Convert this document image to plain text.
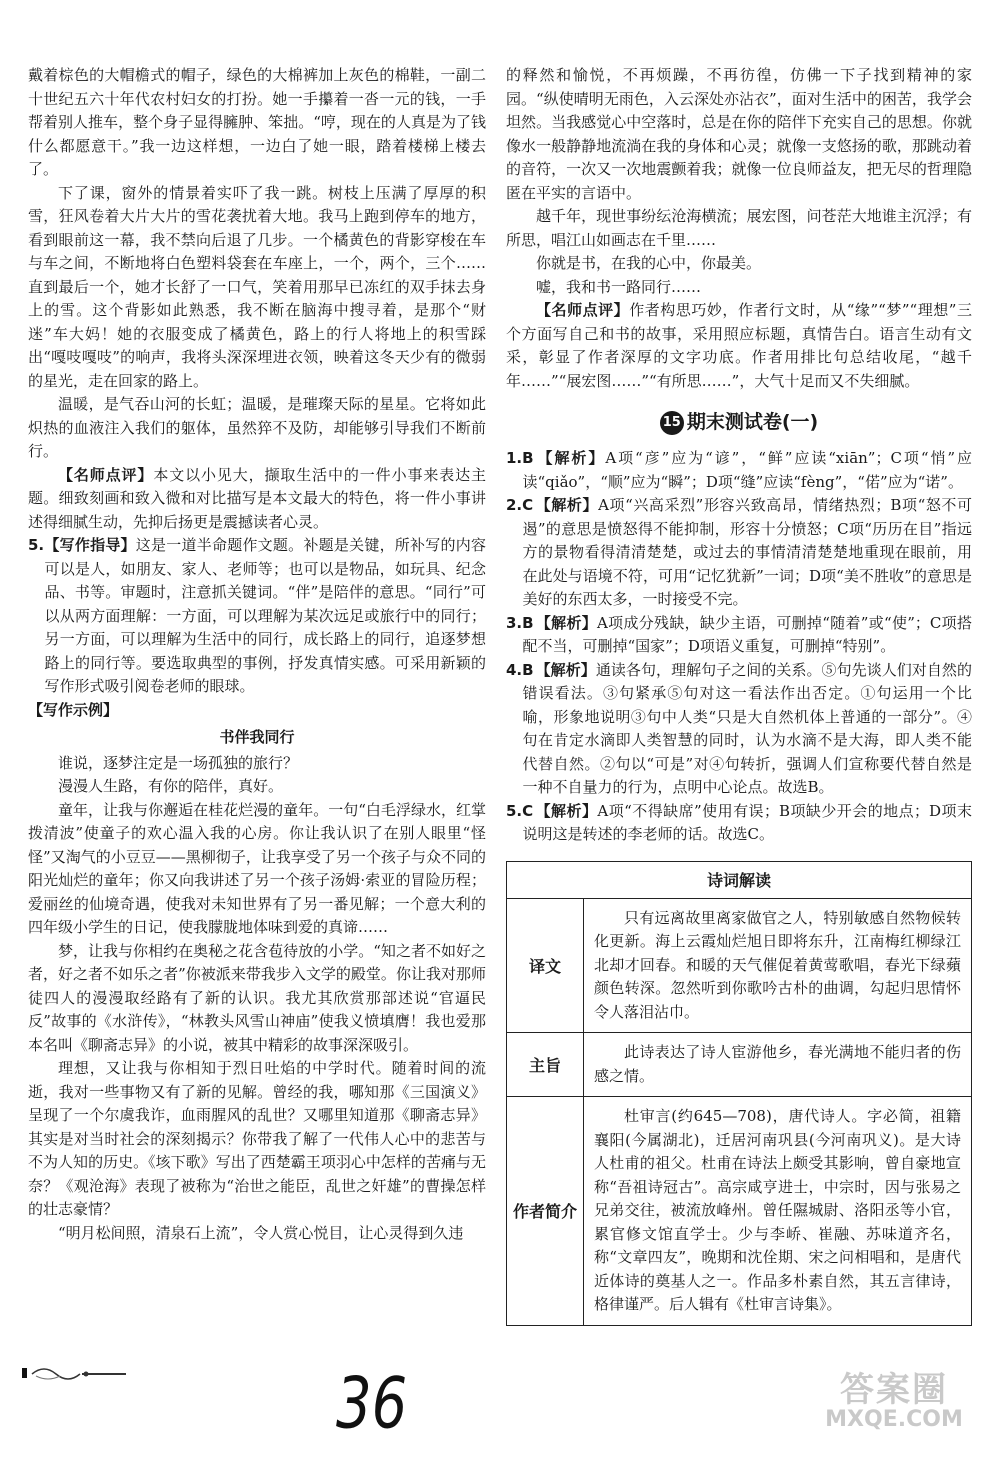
戴着棕色的大帽檐式的帽子，绿色的大棉裤加上灰色的棉鞋，一副二十世纪五六十年代农村妇女的打扮。她一手攥着一沓一元的钱，一手帮着别人推车，整个身子显得臃肿、笨拙。“哼，现在的人真是为了钱什么都愿意干。”我一边这样想，一边白了她一眼，踏着楼梯上楼去了。

下了课，窗外的情景着实吓了我一跳。树枝上压满了厚厚的积雪，狂风卷着大片大片的雪花袭扰着大地。我马上跑到停车的地方，看到眼前这一幕，我不禁向后退了几步。一个橘黄色的背影穿梭在车与车之间，不断地将白色塑料袋套在车座上，一个，两个，三个……直到最后一个，她才长舒了一口气，笑着用那早已冻红的双手抹去身上的雪。这个背影如此熟悉，我不断在脑海中搜寻着，是那个“财迷”车大妈！她的衣服变成了橘黄色，路上的行人将地上的积雪踩出“嘎吱嘎吱”的响声，我将头深深埋进衣领，映着这冬天少有的微弱的星光，走在回家的路上。

温暖，是气吞山河的长虹；温暖，是璀璨天际的星星。它将如此炽热的血液注入我们的躯体，虽然猝不及防，却能够引导我们不断前行。

【名师点评】本文以小见大，撷取生活中的一件小事来表达主题。细致刻画和致入微和对比描写是本文最大的特色，将一件小事讲述得细腻生动，先抑后扬更是震撼读者心灵。

5.【写作指导】这是一道半命题作文题。补题是关键，所补写的内容可以是人，如朋友、家人、老师等；也可以是物品，如玩具、纪念品、书等。审题时，注意抓关键词。“伴”是陪伴的意思。“同行”可以从两方面理解：一方面，可以理解为某次远足或旅行中的同行；另一方面，可以理解为生活中的同行，成长路上的同行，追逐梦想路上的同行等。要选取典型的事例，抒发真情实感。可采用新颖的写作形式吸引阅卷老师的眼球。

【写作示例】

书伴我同行

谁说，逐梦注定是一场孤独的旅行？

漫漫人生路，有你的陪伴，真好。

童年，让我与你邂逅在桂花烂漫的童年。一句“白毛浮绿水，红掌拨清波”使童子的欢心温入我的心房。你让我认识了在别人眼里“怪怪”又淘气的小豆豆——黑柳彻子，让我享受了另一个孩子与众不同的阳光灿烂的童年；你又向我讲述了另一个孩子汤姆·索亚的冒险历程；爱丽丝的仙境奇遇，使我对未知世界有了另一番见解；一个意大利的四年级小学生的日记，使我朦胧地体味到爱的真谛……

梦，让我与你相约在奥秘之花含苞待放的小学。“知之者不如好之者，好之者不如乐之者”你被派来带我步入文学的殿堂。你让我对那师徒四人的漫漫取经路有了新的认识。我尤其欣赏那部述说“官逼民反”故事的《水浒传》，“林教头风雪山神庙”使我义愤填膺！我也爱那本名叫《聊斋志异》的小说，被其中精彩的故事深深吸引。

理想，又让我与你相知于烈日吐焰的中学时代。随着时间的流逝，我对一些事物又有了新的见解。曾经的我，哪知那《三国演义》呈现了一个尔虞我诈，血雨腥风的乱世？又哪里知道那《聊斋志异》其实是对当时社会的深刻揭示？你带我了解了一代伟人心中的悲苦与不为人知的历史。《垓下歌》写出了西楚霸王项羽心中怎样的苦痛与无奈？《观沧海》表现了被称为“治世之能臣，乱世之奸雄”的曹操怎样的壮志豪情？

“明月松间照，清泉石上流”，令人赏心悦目，让心灵得到久违

的释然和愉悦，不再烦躁，不再彷徨，仿佛一下子找到精神的家园。“纵使晴明无雨色，入云深处亦沾衣”，面对生活中的困苦，我学会坦然。当我感觉心中空落时，总是在你的陪伴下充实自己的思想。你就像水一般静静地流淌在我的身体和心灵；就像一支悠扬的歌，那跳动着的音符，一次又一次地震颤着我；就像一位良师益友，把无尽的哲理隐匿在平实的言语中。

越千年，现世事纷纭沧海横流；展宏图，问苍茫大地谁主沉浮；有所思，唱江山如画志在千里……

你就是书，在我的心中，你最美。

嘘，我和书一路同行……

【名师点评】作者构思巧妙，作者行文时，从“缘”“梦”“理想”三个方面写自己和书的故事，采用照应标题，真情告白。语言生动有文采，彰显了作者深厚的文字功底。作者用排比句总结收尾，“越千年……”“展宏图……”“有所思……”，大气十足而又不失细腻。

15 期末测试卷(一)

1.B 【解析】A项“彦”应为“谚”，“鲜”应读“xiān”；C项“悄”应读“qiǎo”，“顺”应为“瞬”；D项“缝”应读“fèng”，“偌”应为“诺”。

2.C 【解析】A项“兴高采烈”形容兴致高昂，情绪热烈；B项“怒不可遏”的意思是愤怒得不能抑制，形容十分愤怒；C项“历历在目”指远方的景物看得清清楚楚，或过去的事情清清楚楚地重现在眼前，用在此处与语境不符，可用“记忆犹新”一词；D项“美不胜收”的意思是美好的东西太多，一时接受不完。

3.B 【解析】A项成分残缺，缺少主语，可删掉“随着”或“使”；C项搭配不当，可删掉“国家”；D项语义重复，可删掉“特别”。

4.B 【解析】通读各句，理解句子之间的关系。⑤句先谈人们对自然的错误看法。③句紧承⑤句对这一看法作出否定。①句运用一个比喻，形象地说明③句中人类“只是大自然机体上普通的一部分”。④句在肯定水滴即人类智慧的同时，认为水滴不是大海，即人类不能代替自然。②句以“可是”对④句转折，强调人们宣称要代替自然是一种不自量力的行为，点明中心论点。故选B。

5.C 【解析】A项“不得缺席”使用有误；B项缺少开会的地点；D项末说明这是转述的李老师的话。故选C。

诗词解读	
译文	只有远离故里离家做官之人，特别敏感自然物候转化更新。海上云霞灿烂旭日即将东升，江南梅红柳绿江北却才回春。和暖的天气催促着黄莺歌唱，春光下绿蘋颜色转深。忽然听到你歌吟古朴的曲调，勾起归思情怀令人落泪沾巾。

主旨	此诗表达了诗人宦游他乡，春光满地不能归者的伤感之情。

作者简介	杜审言(约645—708)，唐代诗人。字必简，祖籍襄阳(今属湖北)，迁居河南巩县(今河南巩义)。是大诗人杜甫的祖父。杜甫在诗法上颇受其影响，曾自豪地宣称“吾祖诗冠古”。高宗咸亨进士，中宗时，因与张易之兄弟交往，被流放峰州。曾任隰城尉、洛阳丞等小官，累官修文馆直学士。少与李峤、崔融、苏味道齐名，称“文章四友”，晚期和沈佺期、宋之问相唱和，是唐代近体诗的奠基人之一。作品多朴素自然，其五言律诗，格律谨严。后人辑有《杜审言诗集》。
36	答案圈
MXQE.COM
